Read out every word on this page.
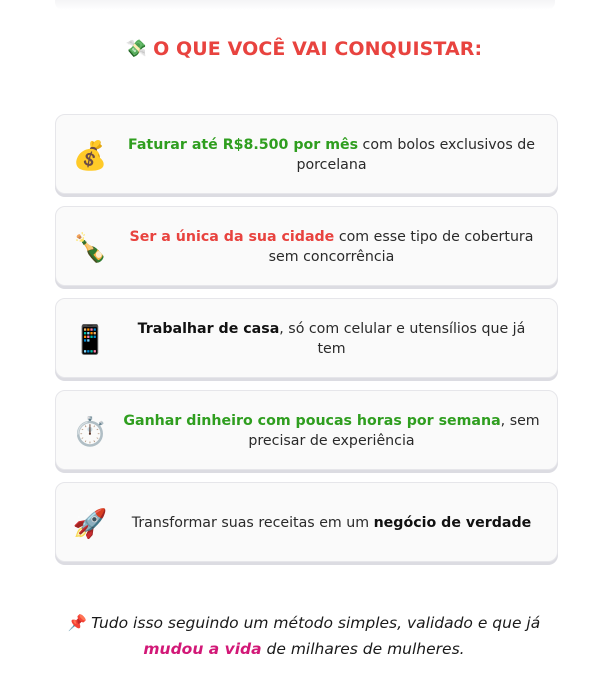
💸 O QUE VOCÊ VAI CONQUISTAR:
💰	Faturar até R$8.500 por mês com bolos exclusivos de porcelana
🍾	Ser a única da sua cidade com esse tipo de cobertura sem concorrência
📱	Trabalhar de casa, só com celular e utensílios que já tem
⏱️ Ganhar dinheiro com poucas horas por semana, sem precisar de experiência
🚀 Transformar suas receitas em um negócio de verdade
📌 Tudo isso seguindo um método simples, validado e que já
mudou a vida de milhares de mulheres.
